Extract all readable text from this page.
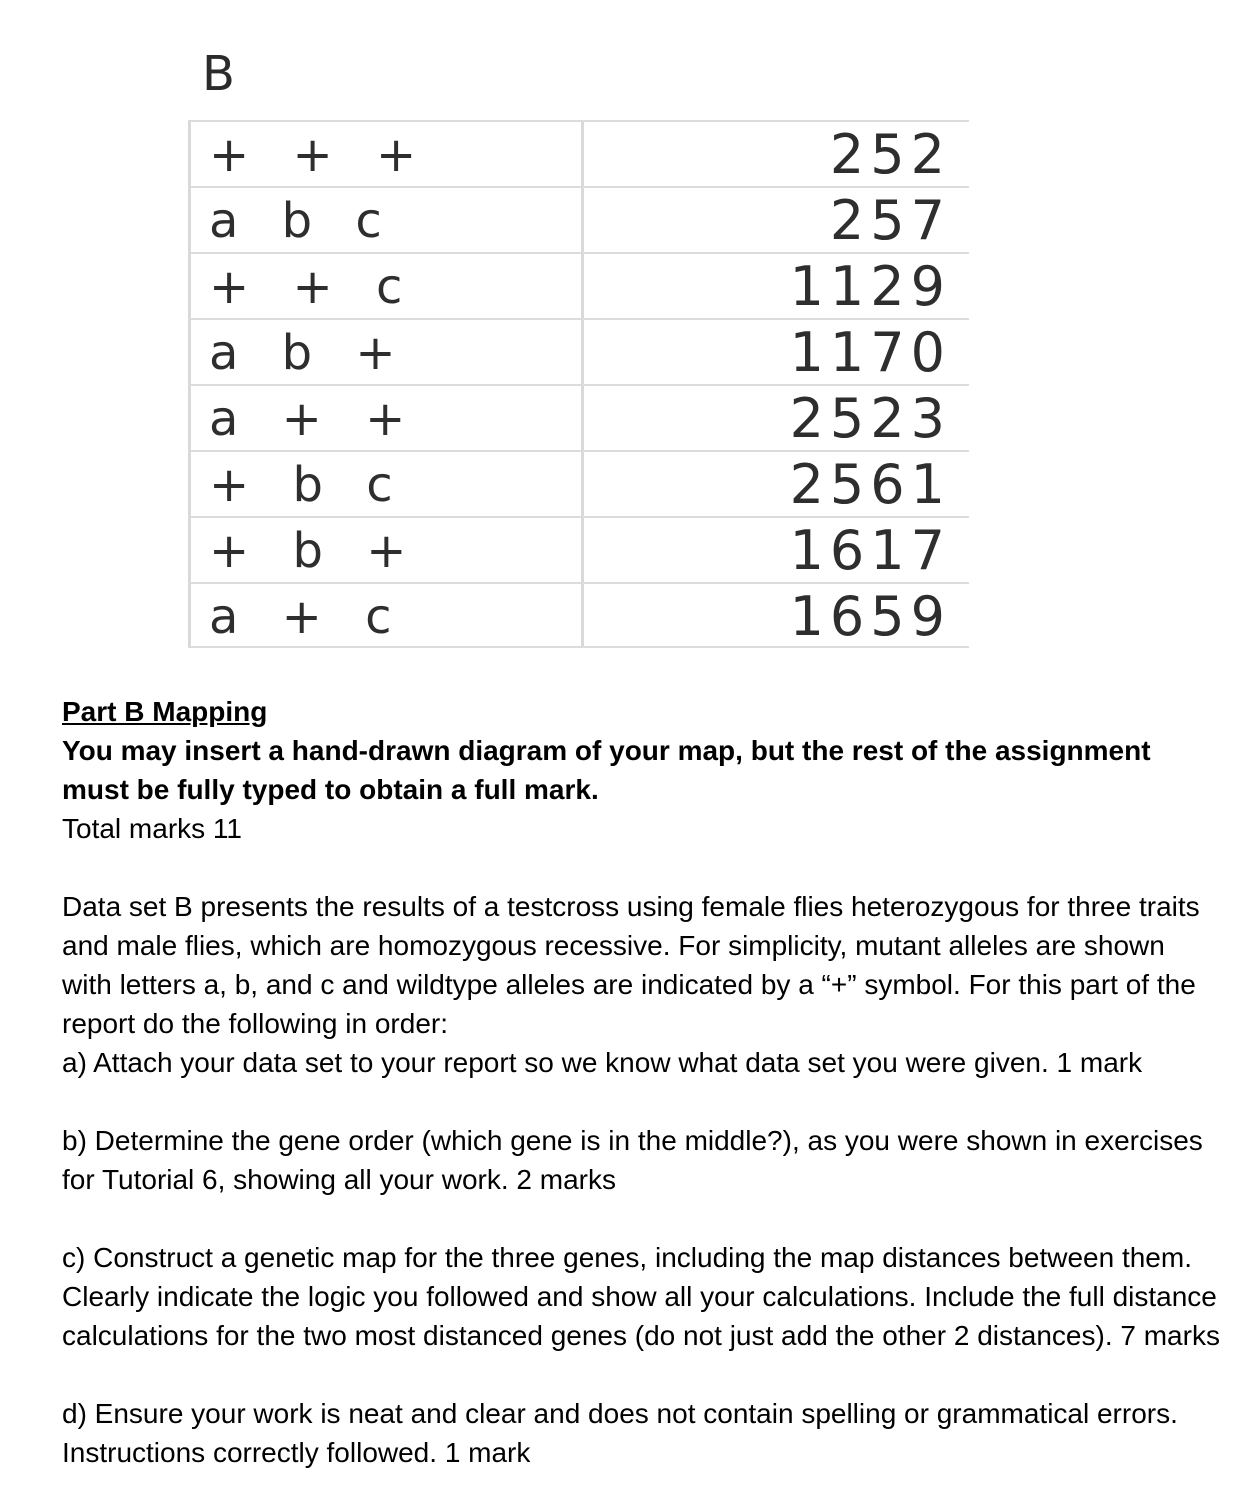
B
+ + +	252
a b c	257
+ + c	1129
a b +	1170
a + +	2523
+ b c	2561
+ b +	1617
a + c	1659

Part B Mapping

You may insert a hand-drawn diagram of your map, but the rest of the assignment must be fully typed to obtain a full mark.

Total marks 11

Data set B presents the results of a testcross using female flies heterozygous for three traits and male flies, which are homozygous recessive. For simplicity, mutant alleles are shown with letters a, b, and c and wildtype alleles are indicated by a “+” symbol. For this part of the report do the following in order:

a) Attach your data set to your report so we know what data set you were given. 1 mark

b) Determine the gene order (which gene is in the middle?), as you were shown in exercises for Tutorial 6, showing all your work. 2 marks

c) Construct a genetic map for the three genes, including the map distances between them. Clearly indicate the logic you followed and show all your calculations. Include the full distance calculations for the two most distanced genes (do not just add the other 2 distances). 7 marks

d) Ensure your work is neat and clear and does not contain spelling or grammatical errors. Instructions correctly followed. 1 mark
